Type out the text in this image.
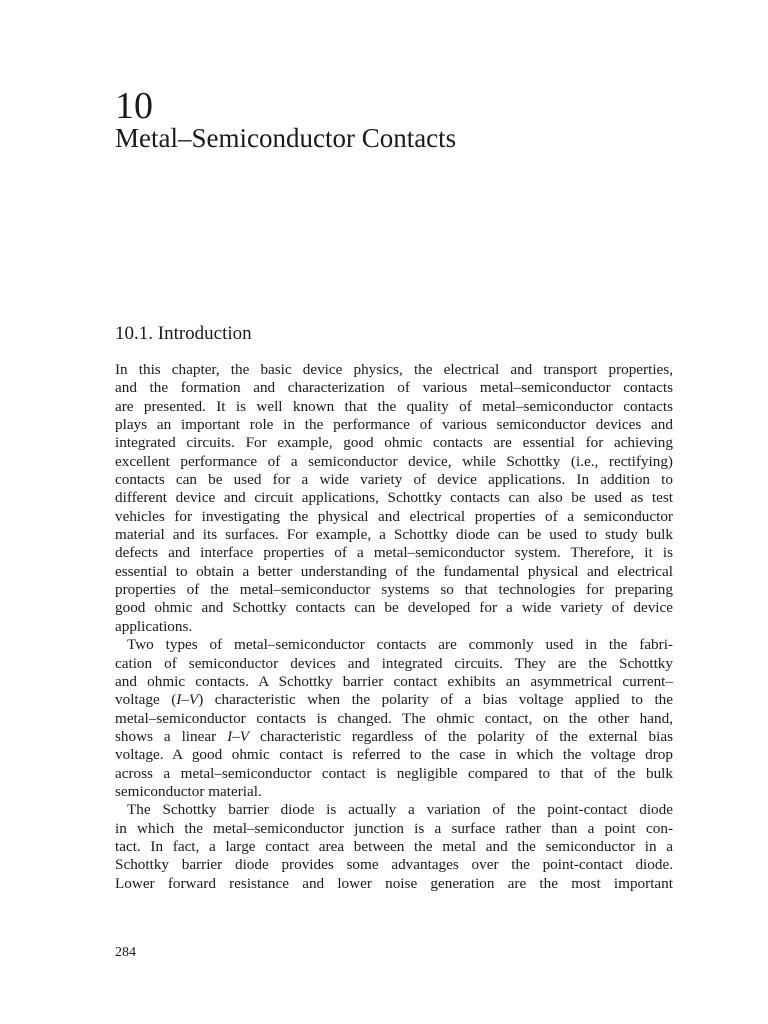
10
Metal–Semiconductor Contacts
10.1. Introduction
In this chapter, the basic device physics, the electrical and transport properties,
and the formation and characterization of various metal–semiconductor contacts
are presented. It is well known that the quality of metal–semiconductor contacts
plays an important role in the performance of various semiconductor devices and
integrated circuits. For example, good ohmic contacts are essential for achieving
excellent performance of a semiconductor device, while Schottky (i.e., rectifying)
contacts can be used for a wide variety of device applications. In addition to
different device and circuit applications, Schottky contacts can also be used as test
vehicles for investigating the physical and electrical properties of a semiconductor
material and its surfaces. For example, a Schottky diode can be used to study bulk
defects and interface properties of a metal–semiconductor system. Therefore, it is
essential to obtain a better understanding of the fundamental physical and electrical
properties of the metal–semiconductor systems so that technologies for preparing
good ohmic and Schottky contacts can be developed for a wide variety of device
applications.
Two types of metal–semiconductor contacts are commonly used in the fabri-
cation of semiconductor devices and integrated circuits. They are the Schottky
and ohmic contacts. A Schottky barrier contact exhibits an asymmetrical current–
voltage (I–V) characteristic when the polarity of a bias voltage applied to the
metal–semiconductor contacts is changed. The ohmic contact, on the other hand,
shows a linear I–V characteristic regardless of the polarity of the external bias
voltage. A good ohmic contact is referred to the case in which the voltage drop
across a metal–semiconductor contact is negligible compared to that of the bulk
semiconductor material.
The Schottky barrier diode is actually a variation of the point-contact diode
in which the metal–semiconductor junction is a surface rather than a point con-
tact. In fact, a large contact area between the metal and the semiconductor in a
Schottky barrier diode provides some advantages over the point-contact diode.
Lower forward resistance and lower noise generation are the most important
284
